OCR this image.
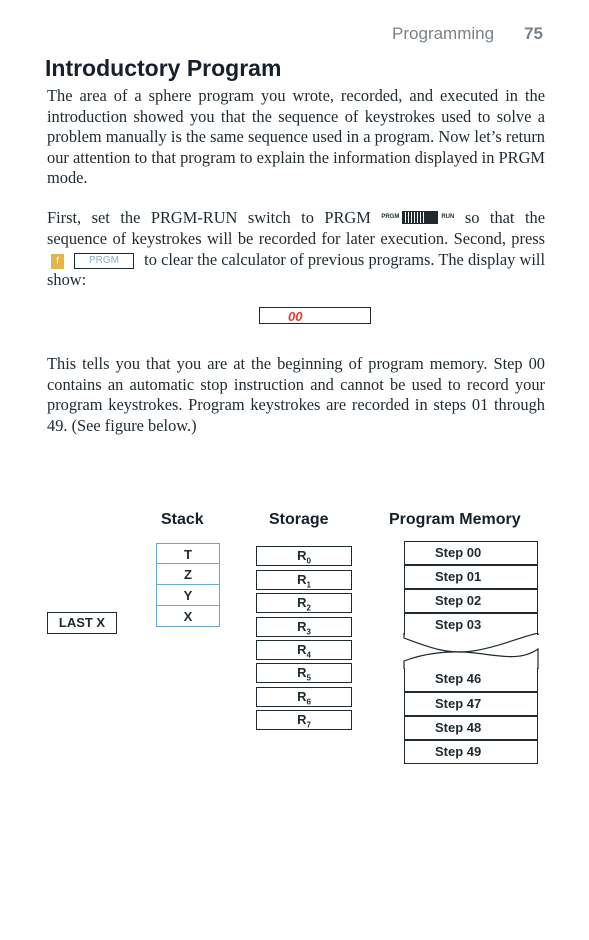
Programming 75
Introductory Program

The area of a sphere program you wrote, recorded, and executed in the introduction showed you that the sequence of keystrokes used to solve a problem manually is the same sequence used in a program. Now let’s return our attention to that program to explain the information displayed in PRGM mode.

First, set the PRGM-RUN switch to PRGM PRGM	RUN so that the sequence of keystrokes will be recorded for later execution. Second, press f	PRGM to clear the calculator of previous programs. The display will show:

00

This tells you that you are at the beginning of program memory. Step 00 contains an automatic stop instruction and cannot be used to record your program keystrokes. Program keystrokes are recorded in steps 01 through 49. (See figure below.)

Stack	Storage	Program Memory
T
Z
Y
X
LAST X
$R_0$
$R_1$
$R_2$
$R_3$
$R_4$
$R_5$
$R_6$
$R_7$
Step 00
Step 01
Step 02
Step 03
Step 46
Step 47
Step 48
Step 49
